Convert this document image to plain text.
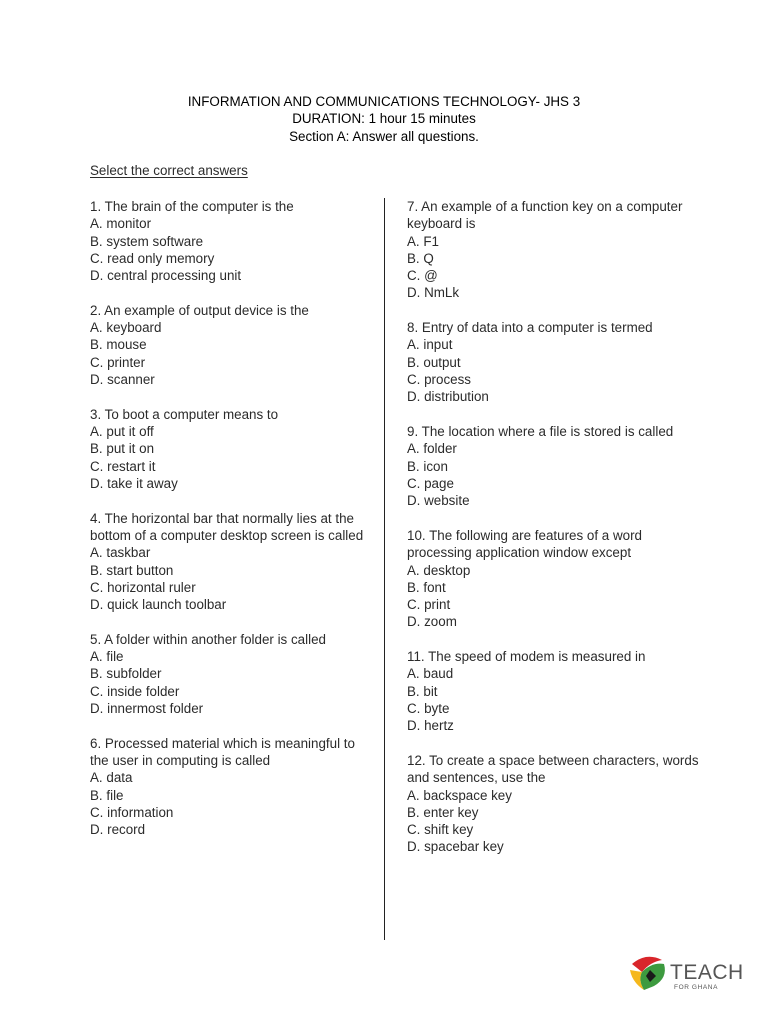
INFORMATION AND COMMUNICATIONS TECHNOLOGY- JHS 3
DURATION: 1 hour 15 minutes
Section A: Answer all questions.
Select the correct answers
1. The brain of the computer is the
A. monitor
B. system software
C. read only memory
D. central processing unit
2. An example of output device is the
A. keyboard
B. mouse
C. printer
D. scanner
3. To boot a computer means to
A. put it off
B. put it on
C. restart it
D. take it away
4. The horizontal bar that normally lies at the bottom of a computer desktop screen is called
A. taskbar
B. start button
C. horizontal ruler
D. quick launch toolbar
5. A folder within another folder is called
A. file
B. subfolder
C. inside folder
D. innermost folder
6. Processed material which is meaningful to the user in computing is called
A. data
B. file
C. information
D. record
7. An example of a function key on a computer keyboard is
A. F1
B. Q
C. @
D. NmLk
8. Entry of data into a computer is termed
A. input
B. output
C. process
D. distribution
9. The location where a file is stored is called
A. folder
B. icon
C. page
D. website
10. The following are features of a word processing application window except
A. desktop
B. font
C. print
D. zoom
11. The speed of modem is measured in
A. baud
B. bit
C. byte
D. hertz
12. To create a space between characters, words and sentences, use the
A. backspace key
B. enter key
C. shift key
D. spacebar key
TEACH
FOR GHANA
